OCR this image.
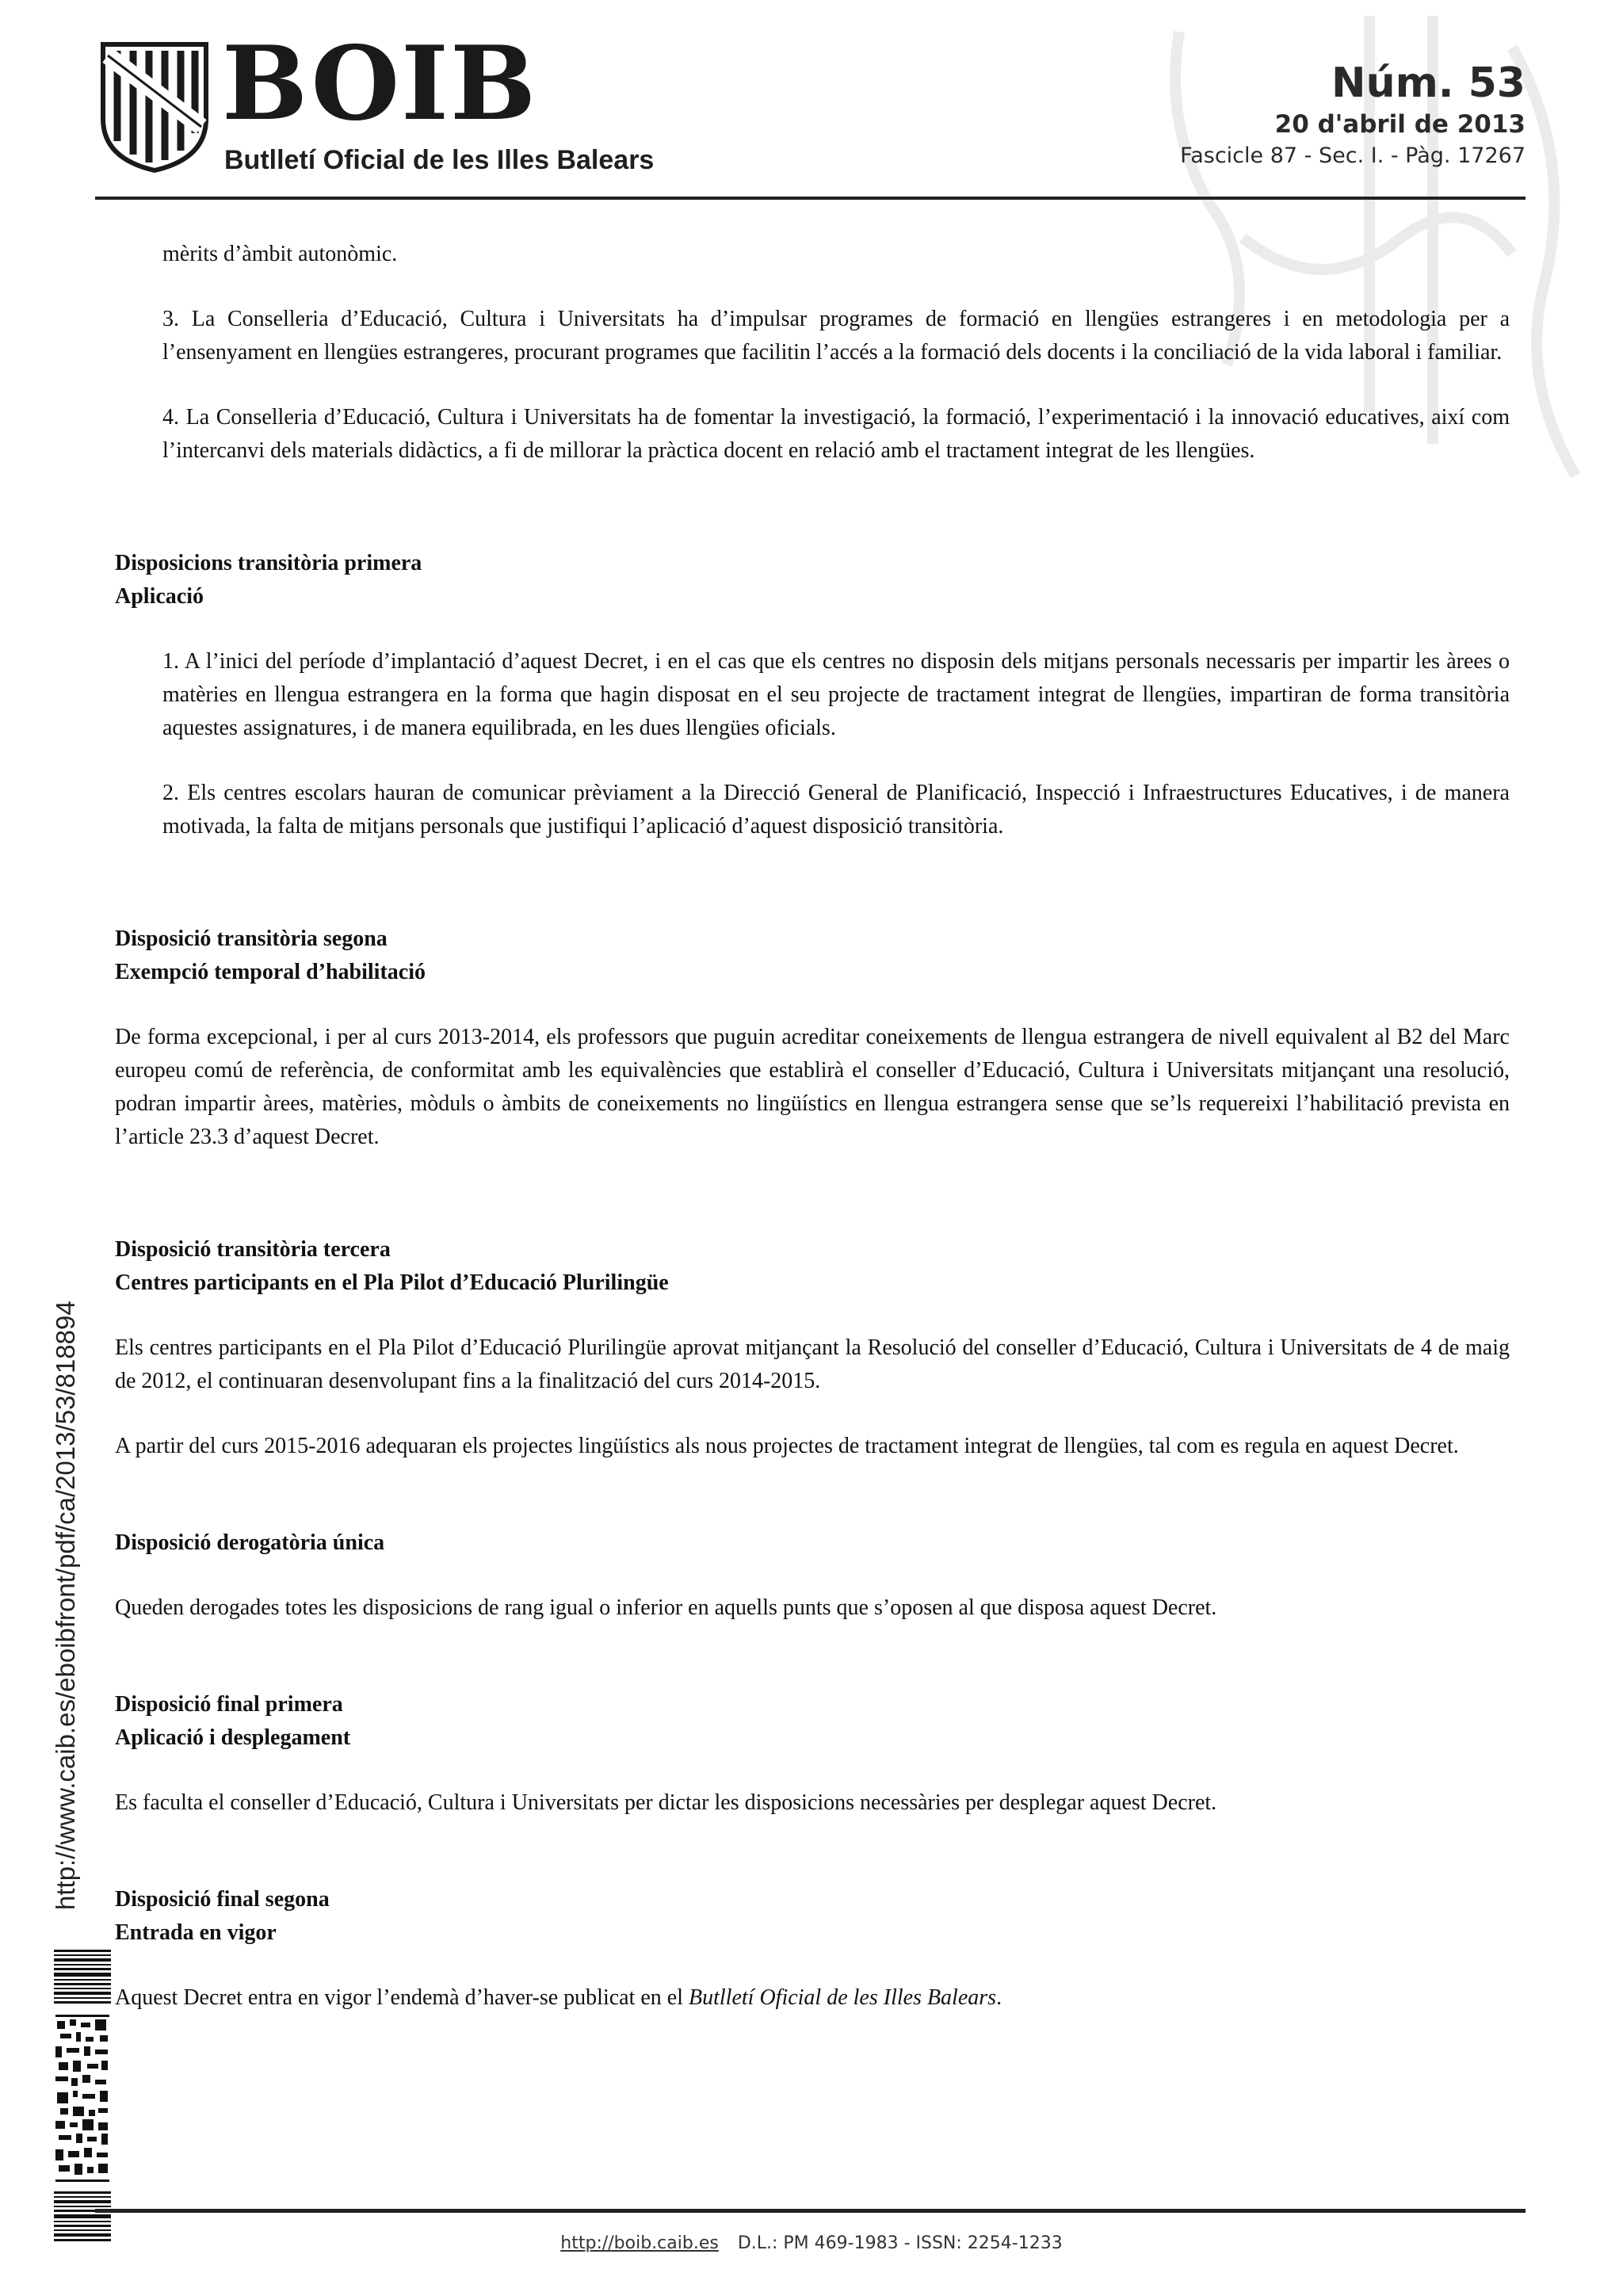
BOIB
Butlletí Oficial de les Illes Balears
Núm. 53
20 d'abril de 2013
Fascicle 87 - Sec. I. - Pàg. 17267

mèrits d’àmbit autonòmic.

3. La Conselleria d’Educació, Cultura i Universitats ha d’impulsar programes de formació en llengües estrangeres i en metodologia per a l’ensenyament en llengües estrangeres, procurant programes que facilitin l’accés a la formació dels docents i la conciliació de la vida laboral i familiar.

4. La Conselleria d’Educació, Cultura i Universitats ha de fomentar la investigació, la formació, l’experimentació i la innovació educatives, així com l’intercanvi dels materials didàctics, a fi de millorar la pràctica docent en relació amb el tractament integrat de les llengües.

Disposicions transitòria primera

Aplicació

1. A l’inici del període d’implantació d’aquest Decret, i en el cas que els centres no disposin dels mitjans personals necessaris per impartir les àrees o matèries en llengua estrangera en la forma que hagin disposat en el seu projecte de tractament integrat de llengües, impartiran de forma transitòria aquestes assignatures, i de manera equilibrada, en les dues llengües oficials.

2. Els centres escolars hauran de comunicar prèviament a la Direcció General de Planificació, Inspecció i Infraestructures Educatives, i de manera motivada, la falta de mitjans personals que justifiqui l’aplicació d’aquest disposició transitòria.

Disposició transitòria segona

Exempció temporal d’habilitació

De forma excepcional, i per al curs 2013-2014, els professors que puguin acreditar coneixements de llengua estrangera de nivell equivalent al B2 del Marc europeu comú de referència, de conformitat amb les equivalències que establirà el conseller d’Educació, Cultura i Universitats mitjançant una resolució, podran impartir àrees, matèries, mòduls o àmbits de coneixements no lingüístics en llengua estrangera sense que se’ls requereixi l’habilitació prevista en l’article 23.3 d’aquest Decret.

Disposició transitòria tercera

Centres participants en el Pla Pilot d’Educació Plurilingüe

Els centres participants en el Pla Pilot d’Educació Plurilingüe aprovat mitjançant la Resolució del conseller d’Educació, Cultura i Universitats de 4 de maig de 2012, el continuaran desenvolupant fins a la finalització del curs 2014-2015.

A partir del curs 2015-2016 adequaran els projectes lingüístics als nous projectes de tractament integrat de llengües, tal com es regula en aquest Decret.

Disposició derogatòria única

Queden derogades totes les disposicions de rang igual o inferior en aquells punts que s’oposen al que disposa aquest Decret.

Disposició final primera

Aplicació i desplegament

Es faculta el conseller d’Educació, Cultura i Universitats per dictar les disposicions necessàries per desplegar aquest Decret.

Disposició final segona

Entrada en vigor

Aquest Decret entra en vigor l’endemà d’haver-se publicat en el Butlletí Oficial de les Illes Balears.

http://www.caib.es/eboibfront/pdf/ca/2013/53/818894
http://boib.caib.es D.L.: PM 469-1983 - ISSN: 2254-1233
